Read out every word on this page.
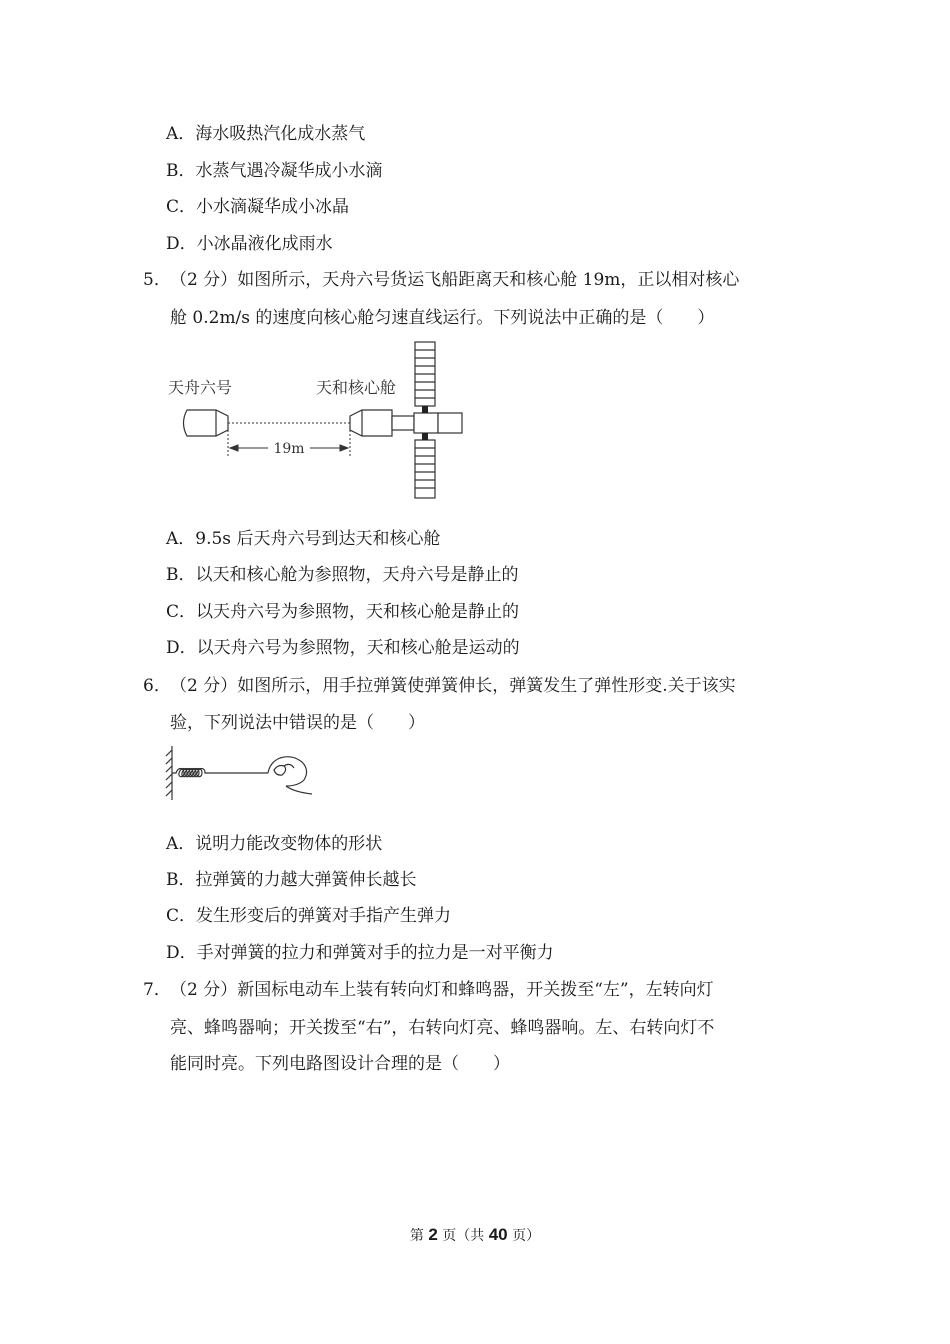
A．海水吸热汽化成水蒸气
B．水蒸气遇冷凝华成小水滴
C．小水滴凝华成小冰晶
D．小冰晶液化成雨水
5． （2 分）如图所示，天舟六号货运飞船距离天和核心舱 19m，正以相对核心
舱 0.2m/s 的速度向核心舱匀速直线运行。下列说法中正确的是（　　）
天舟六号	天和核心舱
19m
A．9.5s 后天舟六号到达天和核心舱
B．以天和核心舱为参照物，天舟六号是静止的
C．以天舟六号为参照物，天和核心舱是静止的
D．以天舟六号为参照物，天和核心舱是运动的
6． （2 分）如图所示，用手拉弹簧使弹簧伸长，弹簧发生了弹性形变.关于该实
验，下列说法中错误的是（　　）
A．说明力能改变物体的形状
B．拉弹簧的力越大弹簧伸长越长
C．发生形变后的弹簧对手指产生弹力
D．手对弹簧的拉力和弹簧对手的拉力是一对平衡力
7． （2 分）新国标电动车上装有转向灯和蜂鸣器，开关拨至“左”，左转向灯
亮、蜂鸣器响；开关拨至“右”，右转向灯亮、蜂鸣器响。左、右转向灯不
能同时亮。下列电路图设计合理的是（　　）
第 2 页（共 40 页）
